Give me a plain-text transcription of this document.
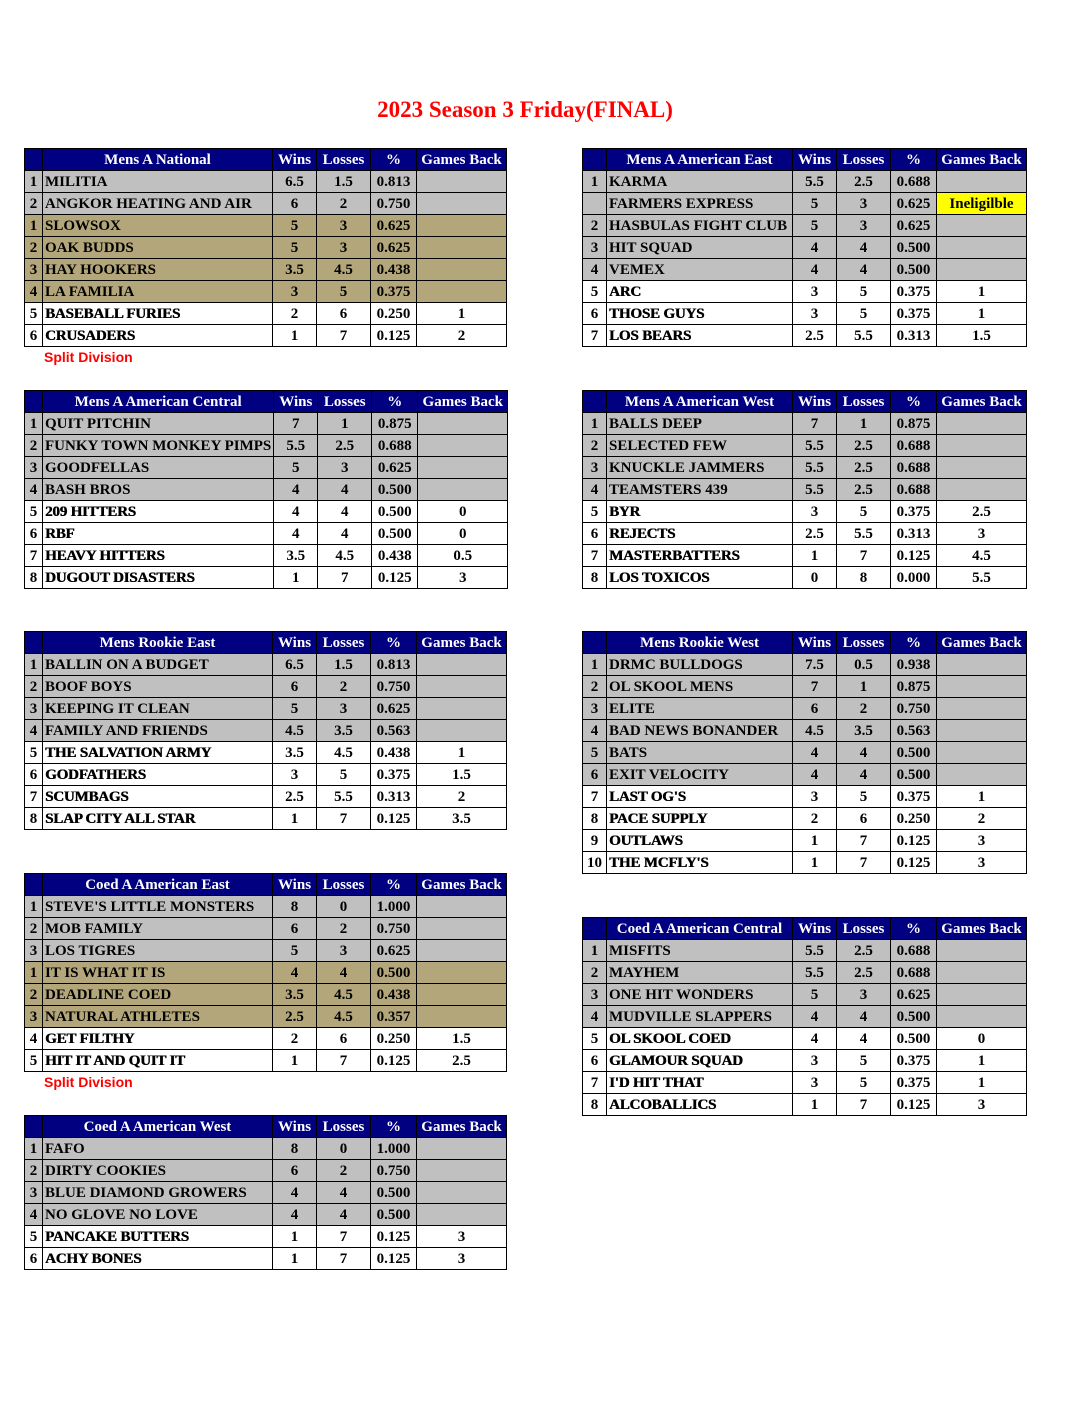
2023 Season 3 Friday(FINAL)
	Mens A National	Wins	Losses	%	Games Back
1	MILITIA	6.5	1.5	0.813	
2	ANGKOR HEATING AND AIR	6	2	0.750	
1	SLOWSOX	5	3	0.625	
2	OAK BUDDS	5	3	0.625	
3	HAY HOOKERS	3.5	4.5	0.438	
4	LA FAMILIA	3	5	0.375	
5	BASEBALL FURIES	2	6	0.250	1
6	CRUSADERS	1	7	0.125	2
Split Division
	Mens A American East	Wins	Losses	%	Games Back
1	KARMA	5.5	2.5	0.688	
	FARMERS EXPRESS	5	3	0.625	Ineligilble
2	HASBULAS FIGHT CLUB	5	3	0.625	
3	HIT SQUAD	4	4	0.500	
4	VEMEX	4	4	0.500	
5	ARC	3	5	0.375	1
6	THOSE GUYS	3	5	0.375	1
7	LOS BEARS	2.5	5.5	0.313	1.5
	Mens A American Central	Wins	Losses	%	Games Back
1	QUIT PITCHIN	7	1	0.875	
2	FUNKY TOWN MONKEY PIMPS	5.5	2.5	0.688	
3	GOODFELLAS	5	3	0.625	
4	BASH BROS	4	4	0.500	
5	209 HITTERS	4	4	0.500	0
6	RBF	4	4	0.500	0
7	HEAVY HITTERS	3.5	4.5	0.438	0.5
8	DUGOUT DISASTERS	1	7	0.125	3
	Mens A American West	Wins	Losses	%	Games Back
1	BALLS DEEP	7	1	0.875	
2	SELECTED FEW	5.5	2.5	0.688	
3	KNUCKLE JAMMERS	5.5	2.5	0.688	
4	TEAMSTERS 439	5.5	2.5	0.688	
5	BYR	3	5	0.375	2.5
6	REJECTS	2.5	5.5	0.313	3
7	MASTERBATTERS	1	7	0.125	4.5
8	LOS TOXICOS	0	8	0.000	5.5
	Mens Rookie East	Wins	Losses	%	Games Back
1	BALLIN ON A BUDGET	6.5	1.5	0.813	
2	BOOF BOYS	6	2	0.750	
3	KEEPING IT CLEAN	5	3	0.625	
4	FAMILY AND FRIENDS	4.5	3.5	0.563	
5	THE SALVATION ARMY	3.5	4.5	0.438	1
6	GODFATHERS	3	5	0.375	1.5
7	SCUMBAGS	2.5	5.5	0.313	2
8	SLAP CITY ALL STAR	1	7	0.125	3.5
	Mens Rookie West	Wins	Losses	%	Games Back
1	DRMC BULLDOGS	7.5	0.5	0.938	
2	OL SKOOL MENS	7	1	0.875	
3	ELITE	6	2	0.750	
4	BAD NEWS BONANDER	4.5	3.5	0.563	
5	BATS	4	4	0.500	
6	EXIT VELOCITY	4	4	0.500	
7	LAST OG'S	3	5	0.375	1
8	PACE SUPPLY	2	6	0.250	2
9	OUTLAWS	1	7	0.125	3
10	THE MCFLY'S	1	7	0.125	3
	Coed A American East	Wins	Losses	%	Games Back
1	STEVE'S LITTLE MONSTERS	8	0	1.000	
2	MOB FAMILY	6	2	0.750	
3	LOS TIGRES	5	3	0.625	
1	IT IS WHAT IT IS	4	4	0.500	
2	DEADLINE COED	3.5	4.5	0.438	
3	NATURAL ATHLETES	2.5	4.5	0.357	
4	GET FILTHY	2	6	0.250	1.5
5	HIT IT AND QUIT IT	1	7	0.125	2.5
Split Division
	Coed A American Central	Wins	Losses	%	Games Back
1	MISFITS	5.5	2.5	0.688	
2	MAYHEM	5.5	2.5	0.688	
3	ONE HIT WONDERS	5	3	0.625	
4	MUDVILLE SLAPPERS	4	4	0.500	
5	OL SKOOL COED	4	4	0.500	0
6	GLAMOUR SQUAD	3	5	0.375	1
7	I'D HIT THAT	3	5	0.375	1
8	ALCOBALLICS	1	7	0.125	3
	Coed A American West	Wins	Losses	%	Games Back
1	FAFO	8	0	1.000	
2	DIRTY COOKIES	6	2	0.750	
3	BLUE DIAMOND GROWERS	4	4	0.500	
4	NO GLOVE NO LOVE	4	4	0.500	
5	PANCAKE BUTTERS	1	7	0.125	3
6	ACHY BONES	1	7	0.125	3
